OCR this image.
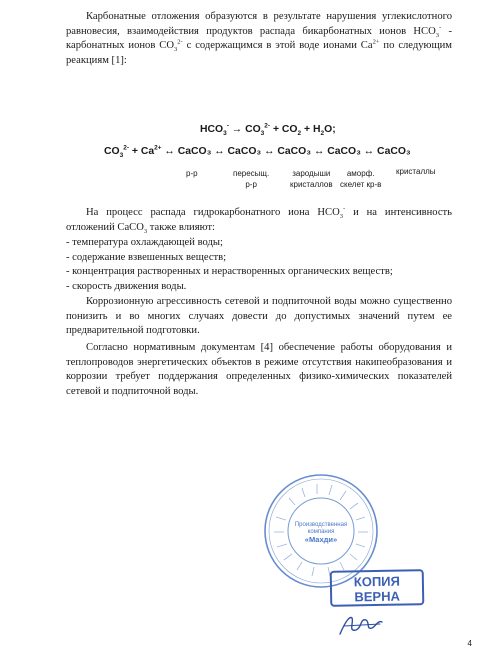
Карбонатные отложения образуются в результате нарушения углекислотного равновесия, взаимодействия продуктов распада бикарбонатных ионов $НСО_3^-$ - карбонатных ионов $СО_3^{2-}$ с содержащимся в этой воде ионами $Са^{2+}$ по следующим реакциям [1]:

$HCO_3^- \to CO_3^{2-} + CO_2 + H_2O$;
$CO_3^{2-} + Ca^{2+}$ ↔ CaCO₃ ↔ CaCO₃ ↔ CaCO₃ ↔ CaCO₃ ↔ CaCO₃
р-р	пересыщ.
р-р
зародыши
кристаллов
аморф.
скелет кр-в
кристаллы

На процесс распада гидрокарбонатного иона $НСО_3^-$ и на интенсивность отложений СаСО$_3$ также влияют:

- температура охлаждающей воды;
- содержание взвешенных веществ;
- концентрация растворенных и нерастворенных органических веществ;
- скорость движения воды.

Коррозионную агрессивность сетевой и подпиточной воды можно существенно понизить и во многих случаях довести до допустимых значений путем ее предварительной подготовки.

Согласно нормативным документам [4] обеспечение работы оборудования и теплопроводов энергетических объектов в режиме отсутствия накипеобразования и коррозии требует поддержания определенных физико-химических показателей сетевой и подпиточной воды.

Производственная
компания
«Махди»
КОПИЯ
ВЕРНА
4
